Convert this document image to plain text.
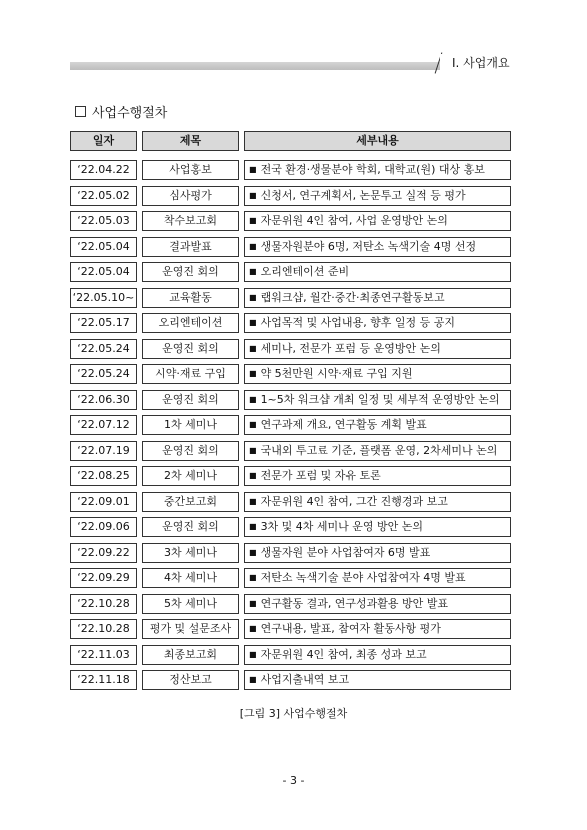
Ⅰ. 사업개요
사업수행절차
일자	제목	세부내용
‘22.04.22	사업홍보	■ 전국 환경·생물분야 학회, 대학교(원) 대상 홍보
‘22.05.02	심사평가	■ 신청서, 연구계획서, 논문투고 실적 등 평가
‘22.05.03	착수보고회	■ 자문위원 4인 참여, 사업 운영방안 논의
‘22.05.04	결과발표	■ 생물자원분야 6명, 저탄소 녹색기술 4명 선정
‘22.05.04	운영진 회의	■ 오리엔테이션 준비
‘22.05.10~	교육활동	■ 랩워크샵, 월간·중간·최종연구활동보고
‘22.05.17	오리엔테이션	■ 사업목적 및 사업내용, 향후 일정 등 공지
‘22.05.24	운영진 회의	■ 세미나, 전문가 포럼 등 운영방안 논의
‘22.05.24	시약·재료 구입	■ 약 5천만원 시약·재료 구입 지원
‘22.06.30	운영진 회의	■ 1~5차 워크샵 개최 일정 및 세부적 운영방안 논의
‘22.07.12	1차 세미나	■ 연구과제 개요, 연구활동 계획 발표
‘22.07.19	운영진 회의	■ 국내외 투고료 기준, 플랫폼 운영, 2차세미나 논의
‘22.08.25	2차 세미나	■ 전문가 포럼 및 자유 토론
‘22.09.01	중간보고회	■ 자문위원 4인 참여, 그간 진행경과 보고
‘22.09.06	운영진 회의	■ 3차 및 4차 세미나 운영 방안 논의
‘22.09.22	3차 세미나	■ 생물자원 분야 사업참여자 6명 발표
‘22.09.29	4차 세미나	■ 저탄소 녹색기술 분야 사업참여자 4명 발표
‘22.10.28	5차 세미나	■ 연구활동 결과, 연구성과활용 방안 발표
‘22.10.28	평가 및 설문조사	■ 연구내용, 발표, 참여자 활동사항 평가
‘22.11.03	최종보고회	■ 자문위원 4인 참여, 최종 성과 보고
‘22.11.18	정산보고	■ 사업지출내역 보고
[그림 3] 사업수행절차
- 3 -
